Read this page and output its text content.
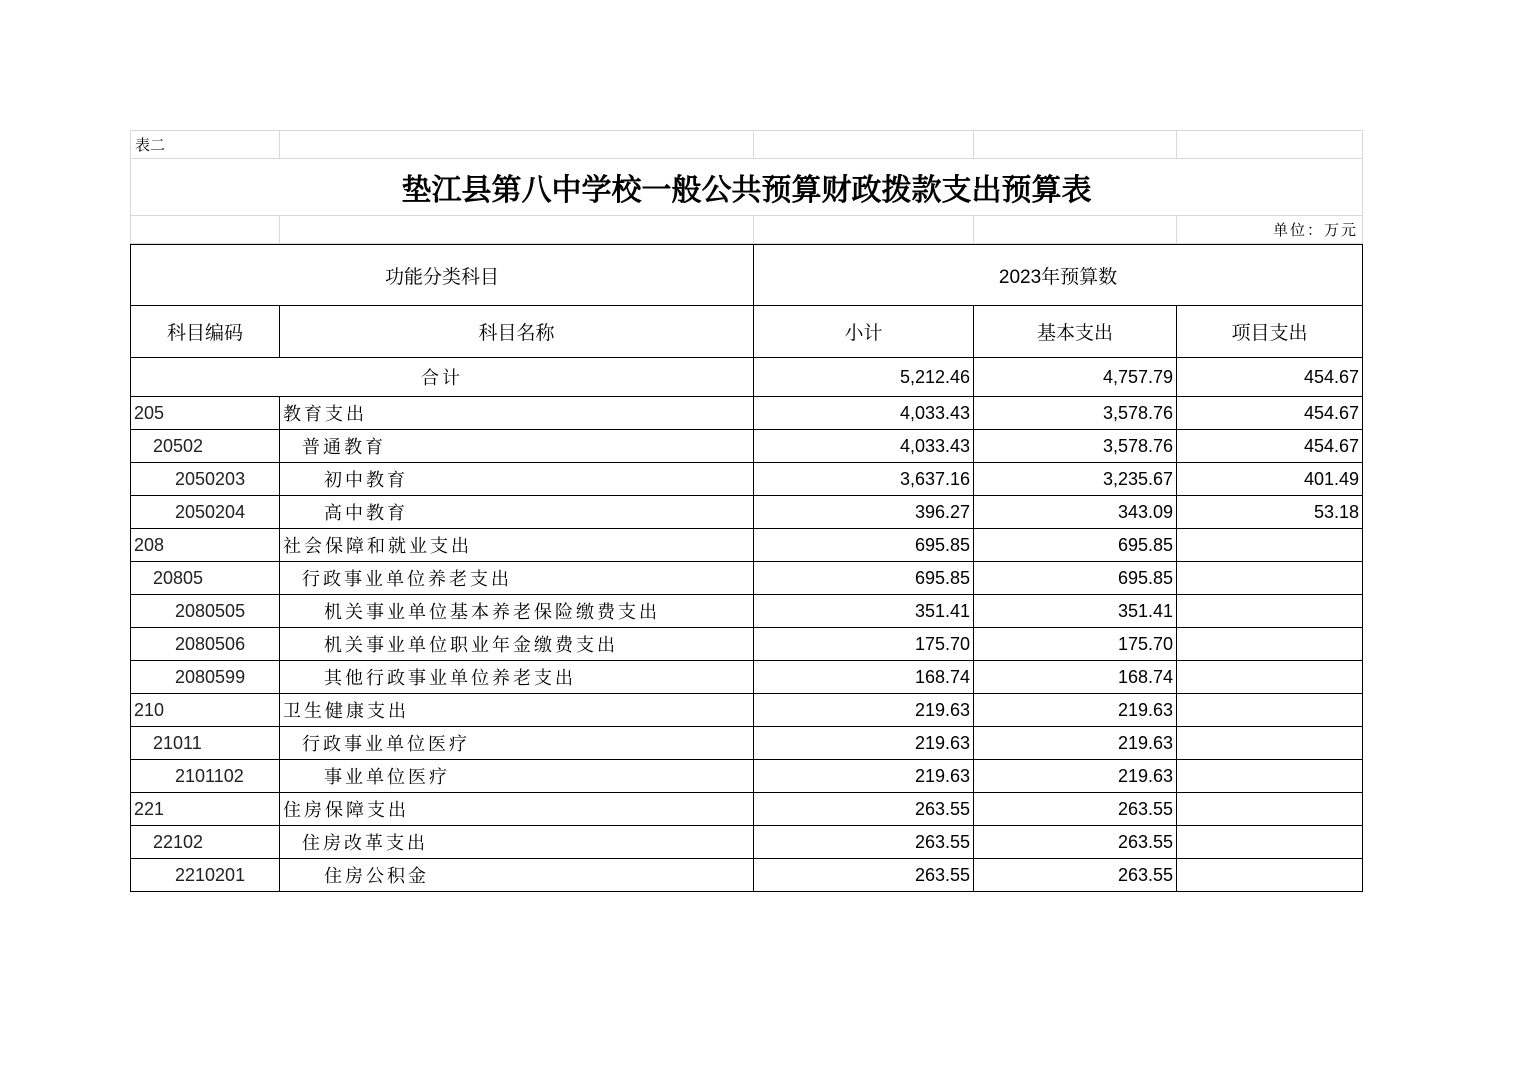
表二				
垫江县第八中学校一般公共预算财政拨款支出预算表				
				单位：万元
功能分类科目		2023年预算数		
科目编码	科目名称	小计	基本支出	项目支出
合计		5,212.46	4,757.79	454.67
205	教育支出	4,033.43	3,578.76	454.67
20502	普通教育	4,033.43	3,578.76	454.67
2050203	初中教育	3,637.16	3,235.67	401.49
2050204	高中教育	396.27	343.09	53.18
208	社会保障和就业支出	695.85	695.85	
20805	行政事业单位养老支出	695.85	695.85	
2080505	机关事业单位基本养老保险缴费支出	351.41	351.41	
2080506	机关事业单位职业年金缴费支出	175.70	175.70	
2080599	其他行政事业单位养老支出	168.74	168.74	
210	卫生健康支出	219.63	219.63	
21011	行政事业单位医疗	219.63	219.63	
2101102	事业单位医疗	219.63	219.63	
221	住房保障支出	263.55	263.55	
22102	住房改革支出	263.55	263.55	
2210201	住房公积金	263.55	263.55	
